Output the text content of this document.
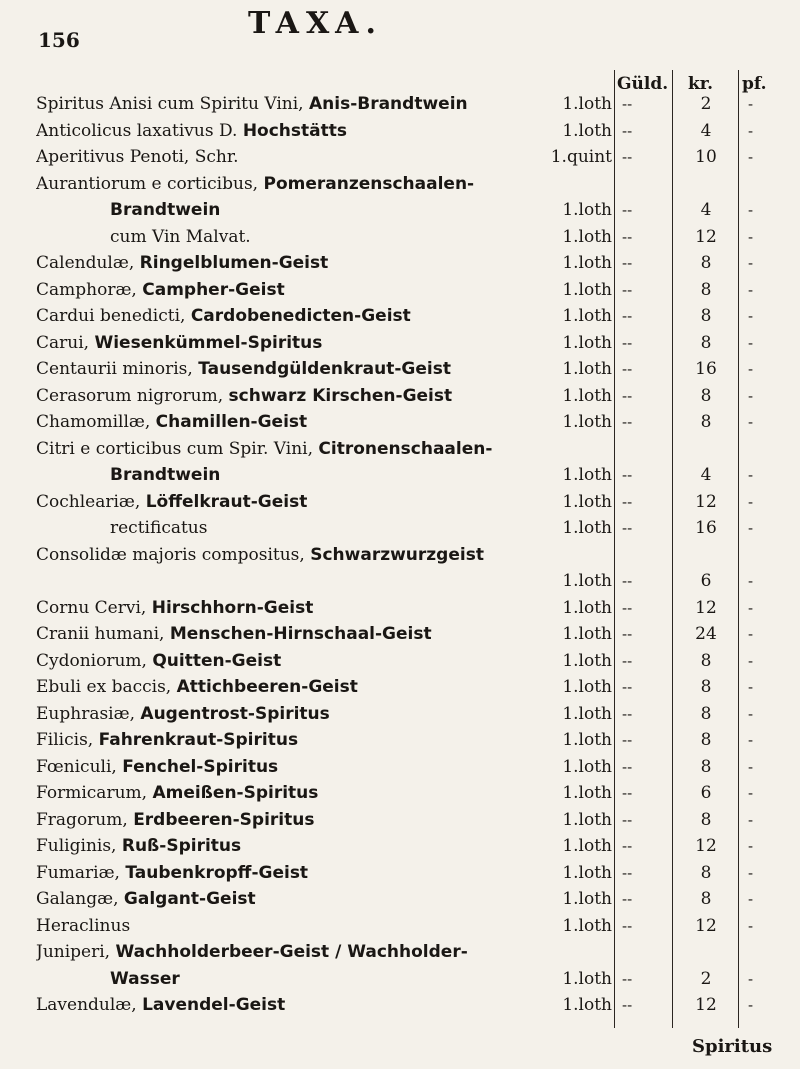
156	TAXA.
Güld. kr. pf.
Spiritus Anisi cum Spiritu Vini, Anis-Brandtwein	1.loth --	2	-
Anticolicus laxativus D. Hochstätts	1.loth --	4	-
Aperitivus Penoti, Schr.	1.quint --	10	-
Aurantiorum e corticibus, Pomeranzenschaalen-
Brandtwein	1.loth --	4	-
cum Vin Malvat.	1.loth --	12	-
Calendulæ, Ringelblumen-Geist	1.loth --	8	-
Camphoræ, Campher-Geist	1.loth --	8	-
Cardui benedicti, Cardobenedicten-Geist	1.loth --	8	-
Carui, Wiesenkümmel-Spiritus	1.loth --	8	-
Centaurii minoris, Tausendgüldenkraut-Geist	1.loth --	16	-
Cerasorum nigrorum, schwarz Kirschen-Geist	1.loth --	8	-
Chamomillæ, Chamillen-Geist	1.loth --	8	-
Citri e corticibus cum Spir. Vini, Citronenschaalen-
Brandtwein	1.loth --	4	-
Cochleariæ, Löffelkraut-Geist	1.loth --	12	-
rectificatus	1.loth --	16	-
Consolidæ majoris compositus, Schwarzwurzgeist
1.loth --	6	-
Cornu Cervi, Hirschhorn-Geist	1.loth --	12	-
Cranii humani, Menschen-Hirnschaal-Geist	1.loth --	24	-
Cydoniorum, Quitten-Geist	1.loth --	8	-
Ebuli ex baccis, Attichbeeren-Geist	1.loth --	8	-
Euphrasiæ, Augentrost-Spiritus	1.loth --	8	-
Filicis, Fahrenkraut-Spiritus	1.loth --	8	-
Fœniculi, Fenchel-Spiritus	1.loth --	8	-
Formicarum, Ameißen-Spiritus	1.loth --	6	-
Fragorum, Erdbeeren-Spiritus	1.loth --	8	-
Fuliginis, Ruß-Spiritus	1.loth --	12	-
Fumariæ, Taubenkropff-Geist	1.loth --	8	-
Galangæ, Galgant-Geist	1.loth --	8	-
Heraclinus	1.loth --	12	-
Juniperi, Wachholderbeer-Geist / Wachholder-
Wasser	1.loth --	2	-
Lavendulæ, Lavendel-Geist	1.loth --	12	-
Spiritus
